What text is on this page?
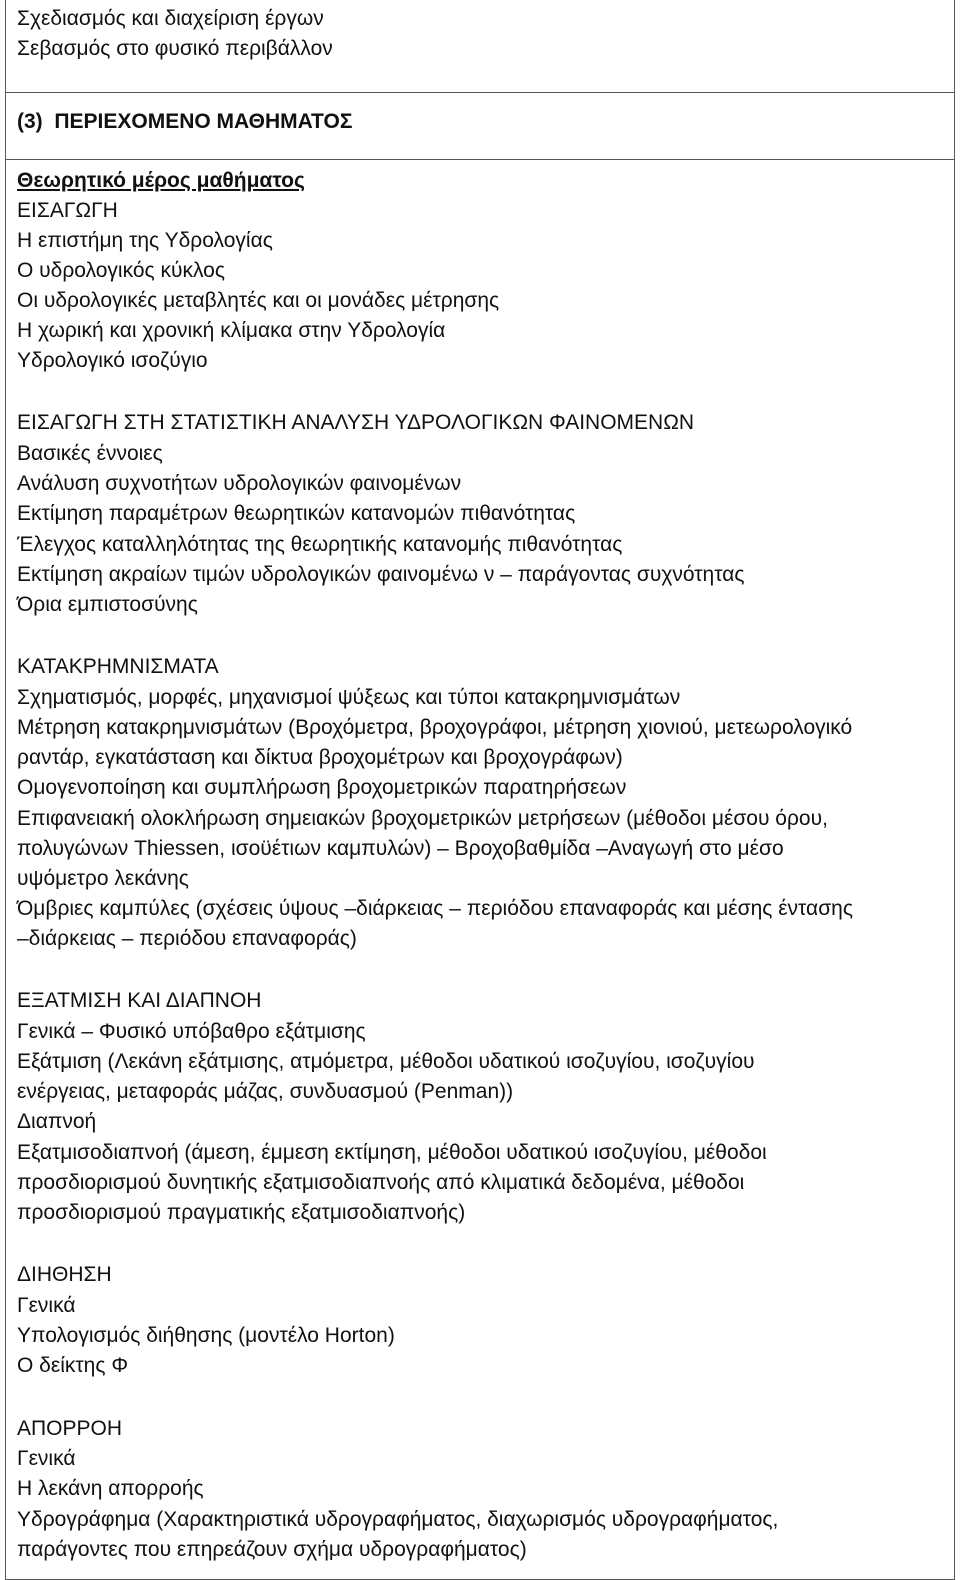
Σχεδιασμός και διαχείριση έργων
Σεβασμός στο φυσικό περιβάλλον
(3) ΠΕΡΙΕΧΟΜΕΝΟ ΜΑΘΗΜΑΤΟΣ
Θεωρητικό μέρος μαθήματος
ΕΙΣΑΓΩΓΗ
Η επιστήμη της Υδρολογίας
Ο υδρολογικός κύκλος
Οι υδρολογικές μεταβλητές και οι μονάδες μέτρησης
Η χωρική και χρονική κλίμακα στην Υδρολογία
Υδρολογικό ισοζύγιο
ΕΙΣΑΓΩΓΗ ΣΤΗ ΣΤΑΤΙΣΤΙΚΗ ΑΝΑΛΥΣΗ ΥΔΡΟΛΟΓΙΚΩΝ ΦΑΙΝΟΜΕΝΩΝ
Βασικές έννοιες
Ανάλυση συχνοτήτων υδρολογικών φαινομένων
Εκτίμηση παραμέτρων θεωρητικών κατανομών πιθανότητας
Έλεγχος καταλληλότητας της θεωρητικής κατανομής πιθανότητας
Εκτίμηση ακραίων τιμών υδρολογικών φαινομένω ν – παράγοντας συχνότητας
Όρια εμπιστοσύνης
ΚΑΤΑΚΡΗΜΝΙΣΜΑΤΑ
Σχηματισμός, μορφές, μηχανισμοί ψύξεως και τύποι κατακρημνισμάτων
Μέτρηση κατακρημνισμάτων (Βροχόμετρα, βροχογράφοι, μέτρηση χιονιού, μετεωρολογικό
ραντάρ, εγκατάσταση και δίκτυα βροχομέτρων και βροχογράφων)
Ομογενοποίηση και συμπλήρωση βροχομετρικών παρατηρήσεων
Επιφανειακή ολοκλήρωση σημειακών βροχομετρικών μετρήσεων (μέθοδοι μέσου όρου,
πολυγώνων Thiessen, ισοϋέτιων καμπυλών) – Βροχοβαθμίδα –Αναγωγή στο μέσο
υψόμετρο λεκάνης
Όμβριες καμπύλες (σχέσεις ύψους –διάρκειας – περιόδου επαναφοράς και μέσης έντασης
–διάρκειας – περιόδου επαναφοράς)
ΕΞΑΤΜΙΣΗ ΚΑΙ ΔΙΑΠΝΟΗ
Γενικά – Φυσικό υπόβαθρο εξάτμισης
Εξάτμιση (Λεκάνη εξάτμισης, ατμόμετρα, μέθοδοι υδατικού ισοζυγίου, ισοζυγίου
ενέργειας, μεταφοράς μάζας, συνδυασμού (Penman))
Διαπνοή
Εξατμισοδιαπνοή (άμεση, έμμεση εκτίμηση, μέθοδοι υδατικού ισοζυγίου, μέθοδοι
προσδιορισμού δυνητικής εξατμισοδιαπνοής από κλιματικά δεδομένα, μέθοδοι
προσδιορισμού πραγματικής εξατμισοδιαπνοής)
ΔΙΗΘΗΣΗ
Γενικά
Υπολογισμός διήθησης (μοντέλο Horton)
Ο δείκτης Φ
ΑΠΟΡΡΟΗ
Γενικά
Η λεκάνη απορροής
Υδρογράφημα (Χαρακτηριστικά υδρογραφήματος, διαχωρισμός υδρογραφήματος,
παράγοντες που επηρεάζουν σχήμα υδρογραφήματος)
